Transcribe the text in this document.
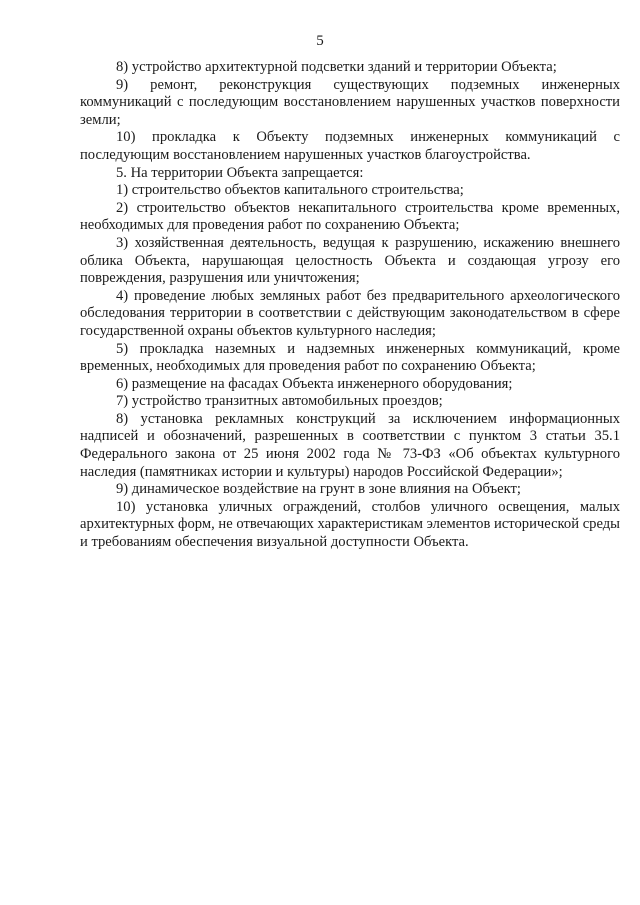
5

8) устройство архитектурной подсветки зданий и территории Объекта;

9) ремонт, реконструкция существующих подземных инженерных коммуникаций с последующим восстановлением нарушенных участков поверхности земли;

10) прокладка к Объекту подземных инженерных коммуникаций с последующим восстановлением нарушенных участков благоустройства.

5. На территории Объекта запрещается:

1) строительство объектов капитального строительства;

2) строительство объектов некапитального строительства кроме временных, необходимых для проведения работ по сохранению Объекта;

3) хозяйственная деятельность, ведущая к разрушению, искажению внешнего облика Объекта, нарушающая целостность Объекта и создающая угрозу его повреждения, разрушения или уничтожения;

4) проведение любых земляных работ без предварительного археологического обследования территории в соответствии с действующим законодательством в сфере государственной охраны объектов культурного наследия;

5) прокладка наземных и надземных инженерных коммуникаций, кроме временных, необходимых для проведения работ по сохранению Объекта;

6) размещение на фасадах Объекта инженерного оборудования;

7) устройство транзитных автомобильных проездов;

8) установка рекламных конструкций за исключением информационных надписей и обозначений, разрешенных в соответствии с пунктом 3 статьи 35.1 Федерального закона от 25 июня 2002 года № 73-ФЗ «Об объектах культурного наследия (памятниках истории и культуры) народов Российской Федерации»;

9) динамическое воздействие на грунт в зоне влияния на Объект;

10) установка уличных ограждений, столбов уличного освещения, малых архитектурных форм, не отвечающих характеристикам элементов исторической среды и требованиям обеспечения визуальной доступности Объекта.
